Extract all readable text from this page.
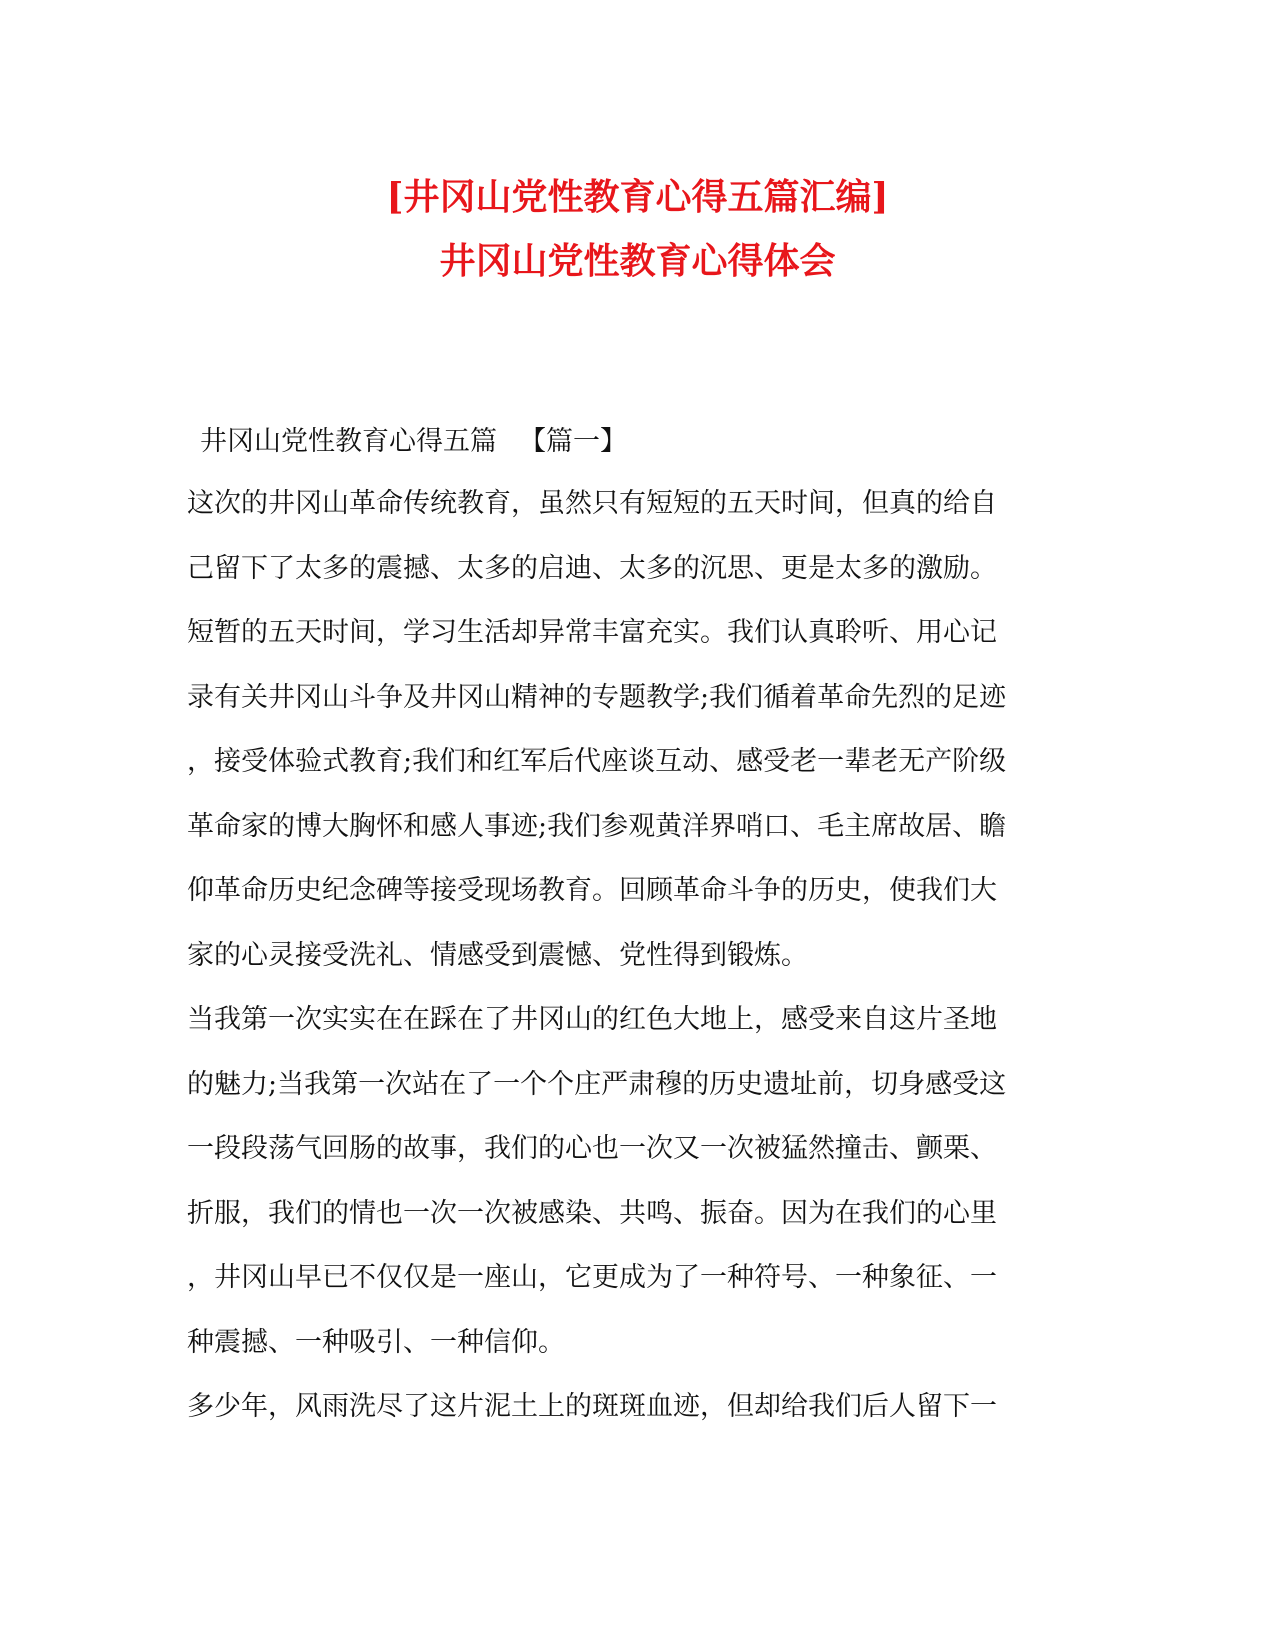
[井冈山党性教育心得五篇汇编]
井冈山党性教育心得体会

井冈山党性教育心得五篇 【篇一】

这次的井冈山革命传统教育，虽然只有短短的五天时间，但真的给自
己留下了太多的震撼、太多的启迪、太多的沉思、更是太多的激励。
短暂的五天时间，学习生活却异常丰富充实。我们认真聆听、用心记
录有关井冈山斗争及井冈山精神的专题教学;我们循着革命先烈的足迹
，接受体验式教育;我们和红军后代座谈互动、感受老一辈老无产阶级
革命家的博大胸怀和感人事迹;我们参观黄洋界哨口、毛主席故居、瞻
仰革命历史纪念碑等接受现场教育。回顾革命斗争的历史，使我们大
家的心灵接受洗礼、情感受到震憾、党性得到锻炼。
当我第一次实实在在踩在了井冈山的红色大地上，感受来自这片圣地
的魅力;当我第一次站在了一个个庄严肃穆的历史遗址前，切身感受这
一段段荡气回肠的故事，我们的心也一次又一次被猛然撞击、颤栗、
折服，我们的情也一次一次被感染、共鸣、振奋。因为在我们的心里
，井冈山早已不仅仅是一座山，它更成为了一种符号、一种象征、一
种震撼、一种吸引、一种信仰。
多少年，风雨洗尽了这片泥土上的斑斑血迹，但却给我们后人留下一
